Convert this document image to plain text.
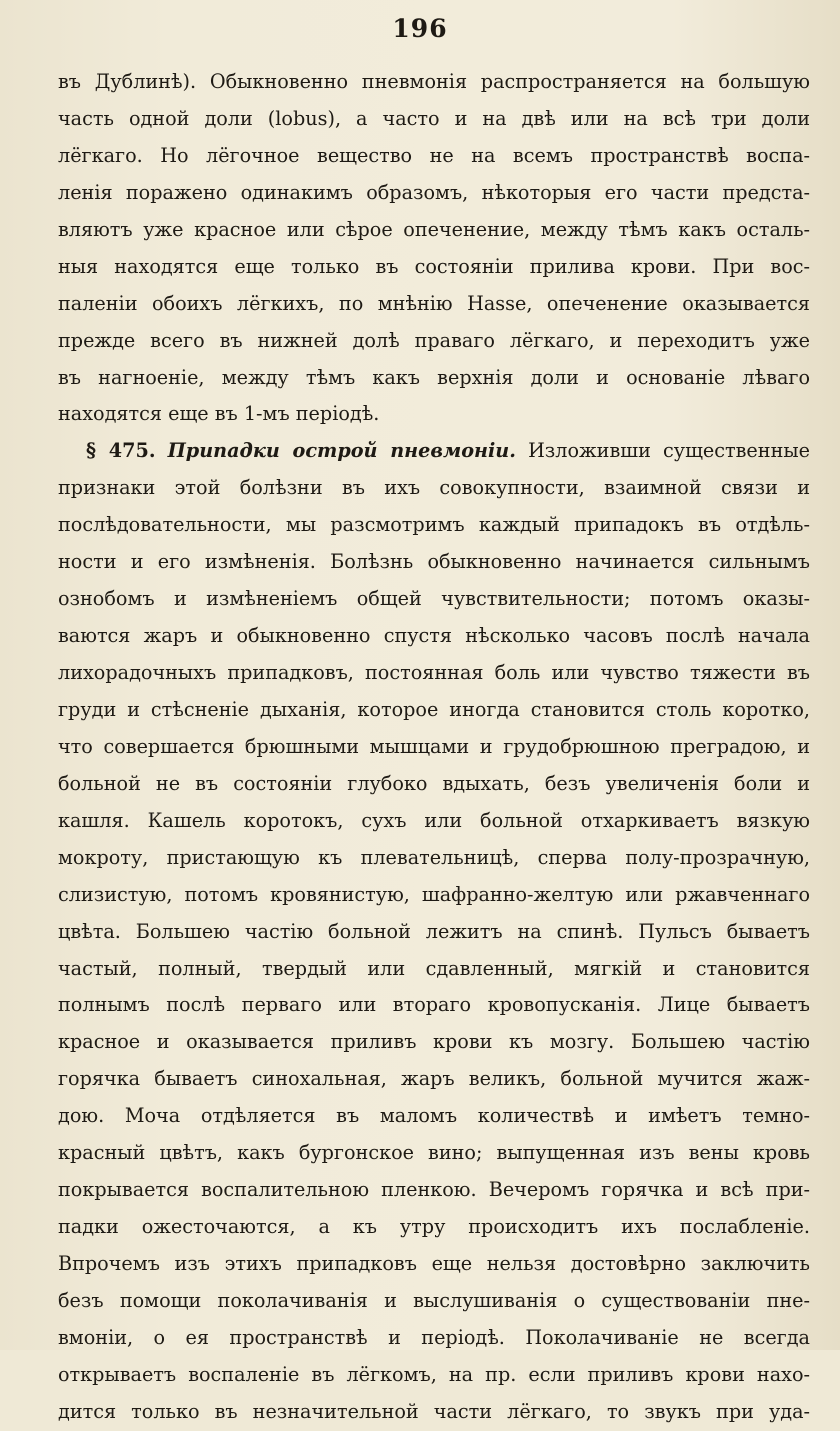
196
въ Дублинѣ). Обыкновенно пневмонія распространяется на большую
часть одной доли (lobus), а часто и на двѣ или на всѣ три доли
лёгкаго. Но лёгочное вещество не на всемъ пространствѣ воспа-
ленія поражено одинакимъ образомъ, нѣкоторыя его части предста-
вляютъ уже красное или сѣрое опеченение, между тѣмъ какъ осталь-
ныя находятся еще только въ состояніи прилива крови. При вос-
паленіи обоихъ лёгкихъ, по мнѣнію Hasse, опеченение оказывается
прежде всего въ нижней долѣ праваго лёгкаго, и переходитъ уже
въ нагноеніе, между тѣмъ какъ верхнія доли и основаніе лѣваго
находятся еще въ 1-мъ періодѣ.
§ 475. Припадки острой пневмоніи. Изложивши существенные
признаки этой болѣзни въ ихъ совокупности, взаимной связи и
послѣдовательности, мы разсмотримъ каждый припадокъ въ отдѣль-
ности и его измѣненія. Болѣзнь обыкновенно начинается сильнымъ
ознобомъ и измѣненіемъ общей чувствительности; потомъ оказы-
ваются жаръ и обыкновенно спустя нѣсколько часовъ послѣ начала
лихорадочныхъ припадковъ, постоянная боль или чувство тяжести въ
груди и стѣсненіе дыханія, которое иногда становится столь коротко,
что совершается брюшными мышцами и грудобрюшною преградою, и
больной не въ состояніи глубоко вдыхать, безъ увеличенія боли и
кашля. Кашель коротокъ, сухъ или больной отхаркиваетъ вязкую
мокроту, пристающую къ плевательницѣ, сперва полу-прозрачную,
слизистую, потомъ кровянистую, шафранно-желтую или ржавченнаго
цвѣта. Большею частію больной лежитъ на спинѣ. Пульсъ бываетъ
частый, полный, твердый или сдавленный, мягкій и становится
полнымъ послѣ перваго или втораго кровопусканія. Лице бываетъ
красное и оказывается приливъ крови къ мозгу. Большею частію
горячка бываетъ синохальная, жаръ великъ, больной мучится жаж-
дою. Моча отдѣляется въ маломъ количествѣ и имѣетъ темно-
красный цвѣтъ, какъ бургонское вино; выпущенная изъ вены кровь
покрывается воспалительною пленкою. Вечеромъ горячка и всѣ при-
падки ожесточаются, а къ утру происходитъ ихъ послабленіе.
Впрочемъ изъ этихъ припадковъ еще нельзя достовѣрно заключить
безъ помощи поколачиванія и выслушиванія о существованіи пне-
вмоніи, о ея пространствѣ и періодѣ. Поколачиваніе не всегда
открываетъ воспаленіе въ лёгкомъ, на пр. если приливъ крови нахо-
дится только въ незначительной части лёгкаго, то звукъ при уда-
